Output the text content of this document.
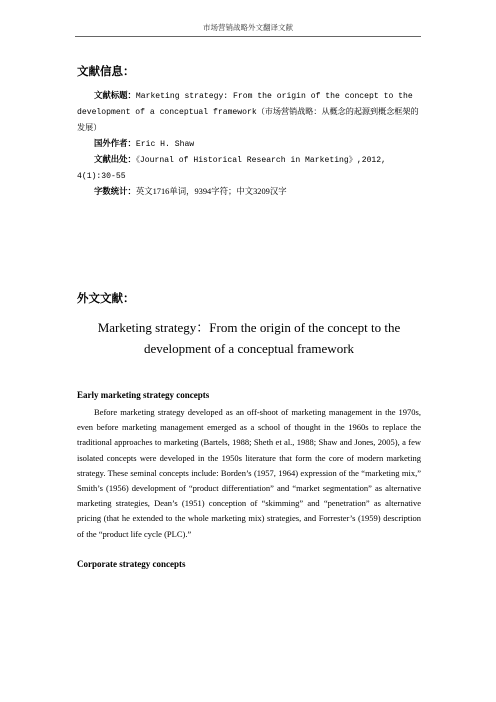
市场营销战略外文翻译文献

文献信息：

文献标题：Marketing strategy: From the origin of the concept to the development of a conceptual framework（市场营销战略：从概念的起源到概念框架的发展）

国外作者：Eric H. Shaw

文献出处：《Journal of Historical Research in Marketing》,2012, 4(1):30-55

字数统计：英文1716单词，9394字符；中文3209汉字

外文文献：

Marketing strategy：From the origin of the concept to the development of a conceptual framework
Early marketing strategy concepts

Before marketing strategy developed as an off-shoot of marketing management in the 1970s, even before marketing management emerged as a school of thought in the 1960s to replace the traditional approaches to marketing (Bartels, 1988; Sheth et al., 1988; Shaw and Jones, 2005), a few isolated concepts were developed in the 1950s literature that form the core of modern marketing strategy. These seminal concepts include: Borden’s (1957, 1964) expression of the “marketing mix,” Smith’s (1956) development of “product differentiation” and “market segmentation” as alternative marketing strategies, Dean’s (1951) conception of “skimming” and “penetration” as alternative pricing (that he extended to the whole marketing mix) strategies, and Forrester’s (1959) description of the “product life cycle (PLC).”

Corporate strategy concepts
